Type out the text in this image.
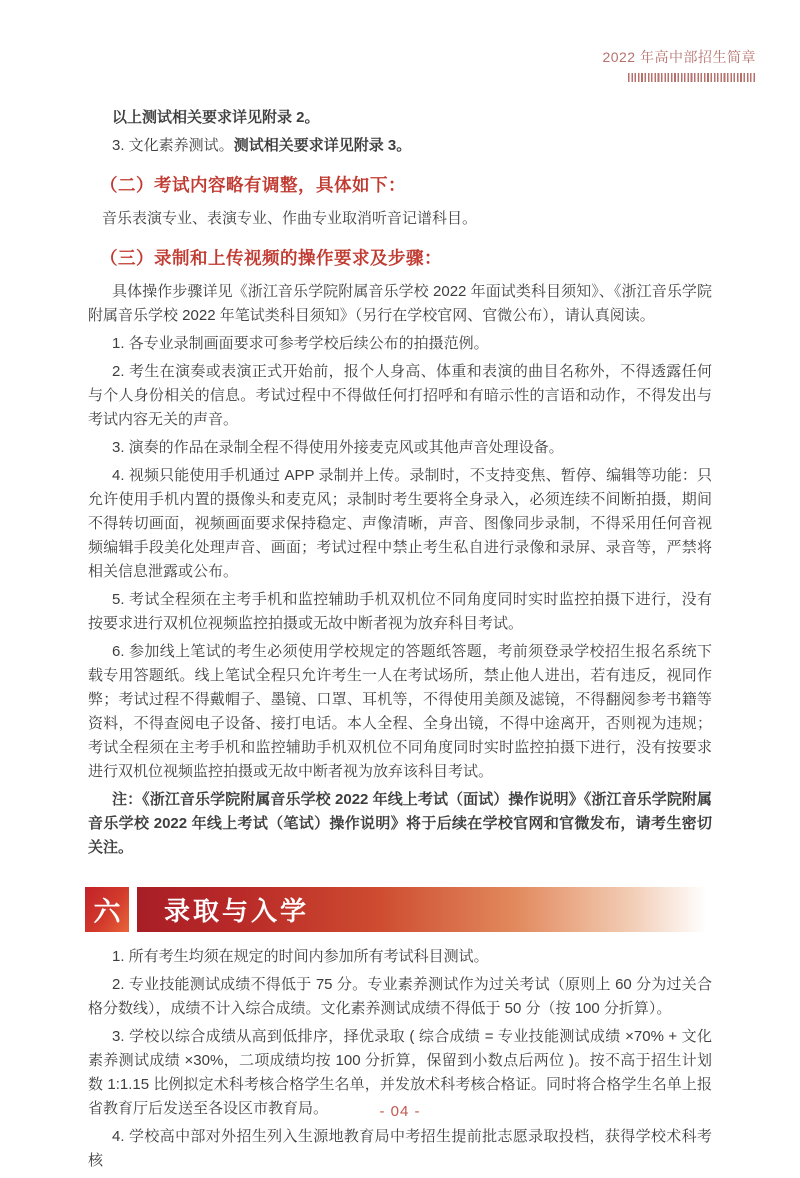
2022 年高中部招生简章

以上测试相关要求详见附录 2。

3. 文化素养测试。测试相关要求详见附录 3。

（二）考试内容略有调整，具体如下：

音乐表演专业、表演专业、作曲专业取消听音记谱科目。

（三）录制和上传视频的操作要求及步骤：

具体操作步骤详见《浙江音乐学院附属音乐学校 2022 年面试类科目须知》、《浙江音乐学院附属音乐学校 2022 年笔试类科目须知》（另行在学校官网、官微公布），请认真阅读。

1. 各专业录制画面要求可参考学校后续公布的拍摄范例。

2. 考生在演奏或表演正式开始前，报个人身高、体重和表演的曲目名称外，不得透露任何与个人身份相关的信息。考试过程中不得做任何打招呼和有暗示性的言语和动作，不得发出与考试内容无关的声音。

3. 演奏的作品在录制全程不得使用外接麦克风或其他声音处理设备。

4. 视频只能使用手机通过 APP 录制并上传。录制时，不支持变焦、暂停、编辑等功能：只允许使用手机内置的摄像头和麦克风；录制时考生要将全身录入，必须连续不间断拍摄，期间不得转切画面，视频画面要求保持稳定、声像清晰，声音、图像同步录制，不得采用任何音视频编辑手段美化处理声音、画面；考试过程中禁止考生私自进行录像和录屏、录音等，严禁将相关信息泄露或公布。

5. 考试全程须在主考手机和监控辅助手机双机位不同角度同时实时监控拍摄下进行，没有按要求进行双机位视频监控拍摄或无故中断者视为放弃科目考试。

6. 参加线上笔试的考生必须使用学校规定的答题纸答题，考前须登录学校招生报名系统下载专用答题纸。线上笔试全程只允许考生一人在考试场所，禁止他人进出，若有违反，视同作弊；考试过程不得戴帽子、墨镜、口罩、耳机等，不得使用美颜及滤镜，不得翻阅参考书籍等资料，不得查阅电子设备、接打电话。本人全程、全身出镜，不得中途离开，否则视为违规；考试全程须在主考手机和监控辅助手机双机位不同角度同时实时监控拍摄下进行，没有按要求进行双机位视频监控拍摄或无故中断者视为放弃该科目考试。

注：《浙江音乐学院附属音乐学校 2022 年线上考试（面试）操作说明》《浙江音乐学院附属音乐学校 2022 年线上考试（笔试）操作说明》将于后续在学校官网和官微发布，请考生密切关注。

六 录取与入学

1. 所有考生均须在规定的时间内参加所有考试科目测试。

2. 专业技能测试成绩不得低于 75 分。专业素养测试作为过关考试（原则上 60 分为过关合格分数线），成绩不计入综合成绩。文化素养测试成绩不得低于 50 分（按 100 分折算）。

3. 学校以综合成绩从高到低排序，择优录取 ( 综合成绩 = 专业技能测试成绩 ×70% + 文化素养测试成绩 ×30%，二项成绩均按 100 分折算，保留到小数点后两位 )。按不高于招生计划数 1:1.15 比例拟定术科考核合格学生名单，并发放术科考核合格证。同时将合格学生名单上报省教育厅后发送至各设区市教育局。

4. 学校高中部对外招生列入生源地教育局中考招生提前批志愿录取投档，获得学校术科考核

- 04 -
